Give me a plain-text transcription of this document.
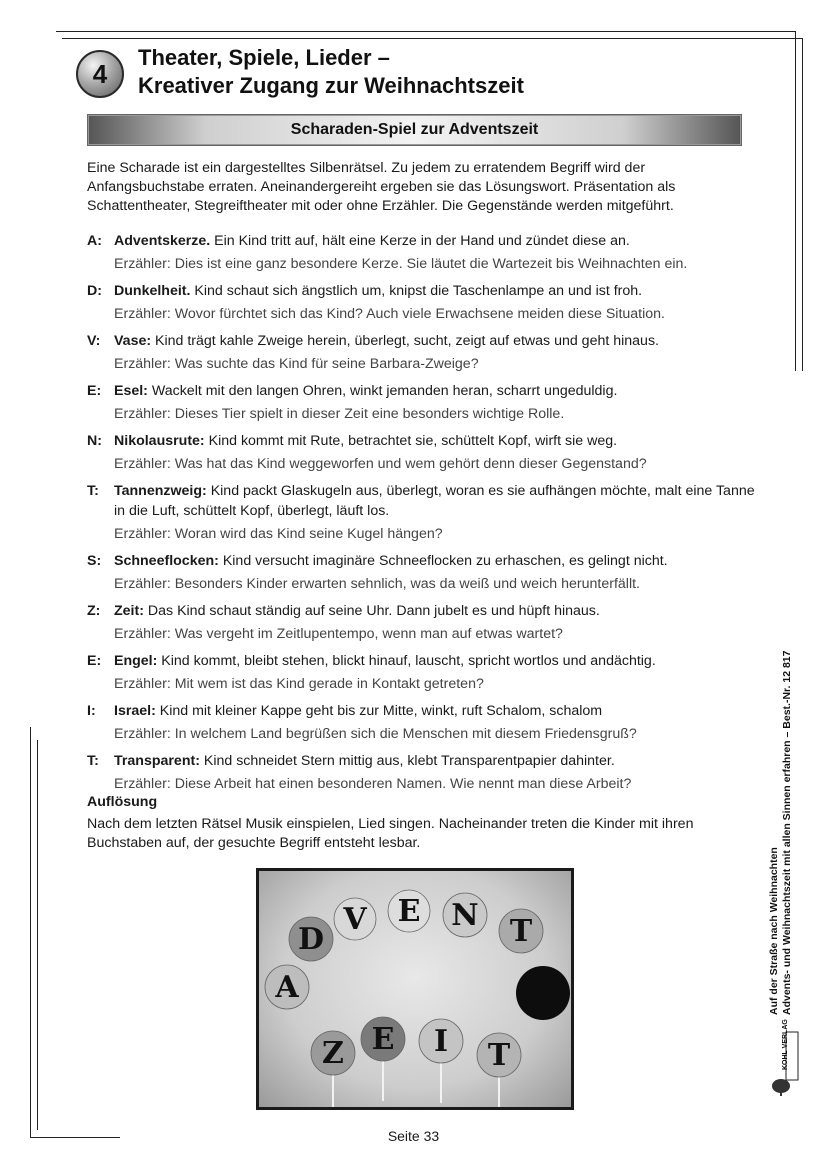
4
Theater, Spiele, Lieder –
Kreativer Zugang zur Weihnachtszeit
Scharaden-Spiel zur Adventszeit

Eine Scharade ist ein dargestelltes Silbenrätsel. Zu jedem zu erratendem Begriff wird der Anfangsbuchstabe erraten. Aneinandergereiht ergeben sie das Lösungswort. Präsentation als Schattentheater, Stegreiftheater mit oder ohne Erzähler. Die Gegenstände werden mitgeführt.

A: Adventskerze. Ein Kind tritt auf, hält eine Kerze in der Hand und zündet diese an.
Erzähler: Dies ist eine ganz besondere Kerze. Sie läutet die Wartezeit bis Weihnachten ein.
D: Dunkelheit. Kind schaut sich ängstlich um, knipst die Taschenlampe an und ist froh.
Erzähler: Wovor fürchtet sich das Kind? Auch viele Erwachsene meiden diese Situation.
V: Vase: Kind trägt kahle Zweige herein, überlegt, sucht, zeigt auf etwas und geht hinaus.
Erzähler: Was suchte das Kind für seine Barbara-Zweige?
E: Esel: Wackelt mit den langen Ohren, winkt jemanden heran, scharrt ungeduldig.
Erzähler: Dieses Tier spielt in dieser Zeit eine besonders wichtige Rolle.
N: Nikolausrute: Kind kommt mit Rute, betrachtet sie, schüttelt Kopf, wirft sie weg.
Erzähler: Was hat das Kind weggeworfen und wem gehört denn dieser Gegenstand?
T:	Tannenzweig: Kind packt Glaskugeln aus, überlegt, woran es sie aufhängen möchte, malt eine Tanne in die Luft, schüttelt Kopf, überlegt, läuft los.
Erzähler: Woran wird das Kind seine Kugel hängen?
S: Schneeflocken: Kind versucht imaginäre Schneeflocken zu erhaschen, es gelingt nicht.
Erzähler: Besonders Kinder erwarten sehnlich, was da weiß und weich herunterfällt.
Z: Zeit: Das Kind schaut ständig auf seine Uhr. Dann jubelt es und hüpft hinaus.
Erzähler: Was vergeht im Zeitlupentempo, wenn man auf etwas wartet?
E: Engel: Kind kommt, bleibt stehen, blickt hinauf, lauscht, spricht wortlos und andächtig.
Erzähler: Mit wem ist das Kind gerade in Kontakt getreten?
I:	Israel: Kind mit kleiner Kappe geht bis zur Mitte, winkt, ruft Schalom, schalom
Erzähler: In welchem Land begrüßen sich die Menschen mit diesem Friedensgruß?
T:	Transparent: Kind schneidet Stern mittig aus, klebt Transparentpapier dahinter.
Erzähler: Diese Arbeit hat einen besonderen Namen. Wie nennt man diese Arbeit?
Auflösung

Nach dem letzten Rätsel Musik einspielen, Lied singen. Nacheinander treten die Kinder mit ihren Buchstaben auf, der gesuchte Begriff entsteht lesbar.

A
D
V E N T
Z E I T
Auf der Straße nach Weihnachten Advents- und Weihnachtszeit mit allen Sinnen erfahren – Best.-Nr. 12 817
KOHL VERLAG

Seite 33
